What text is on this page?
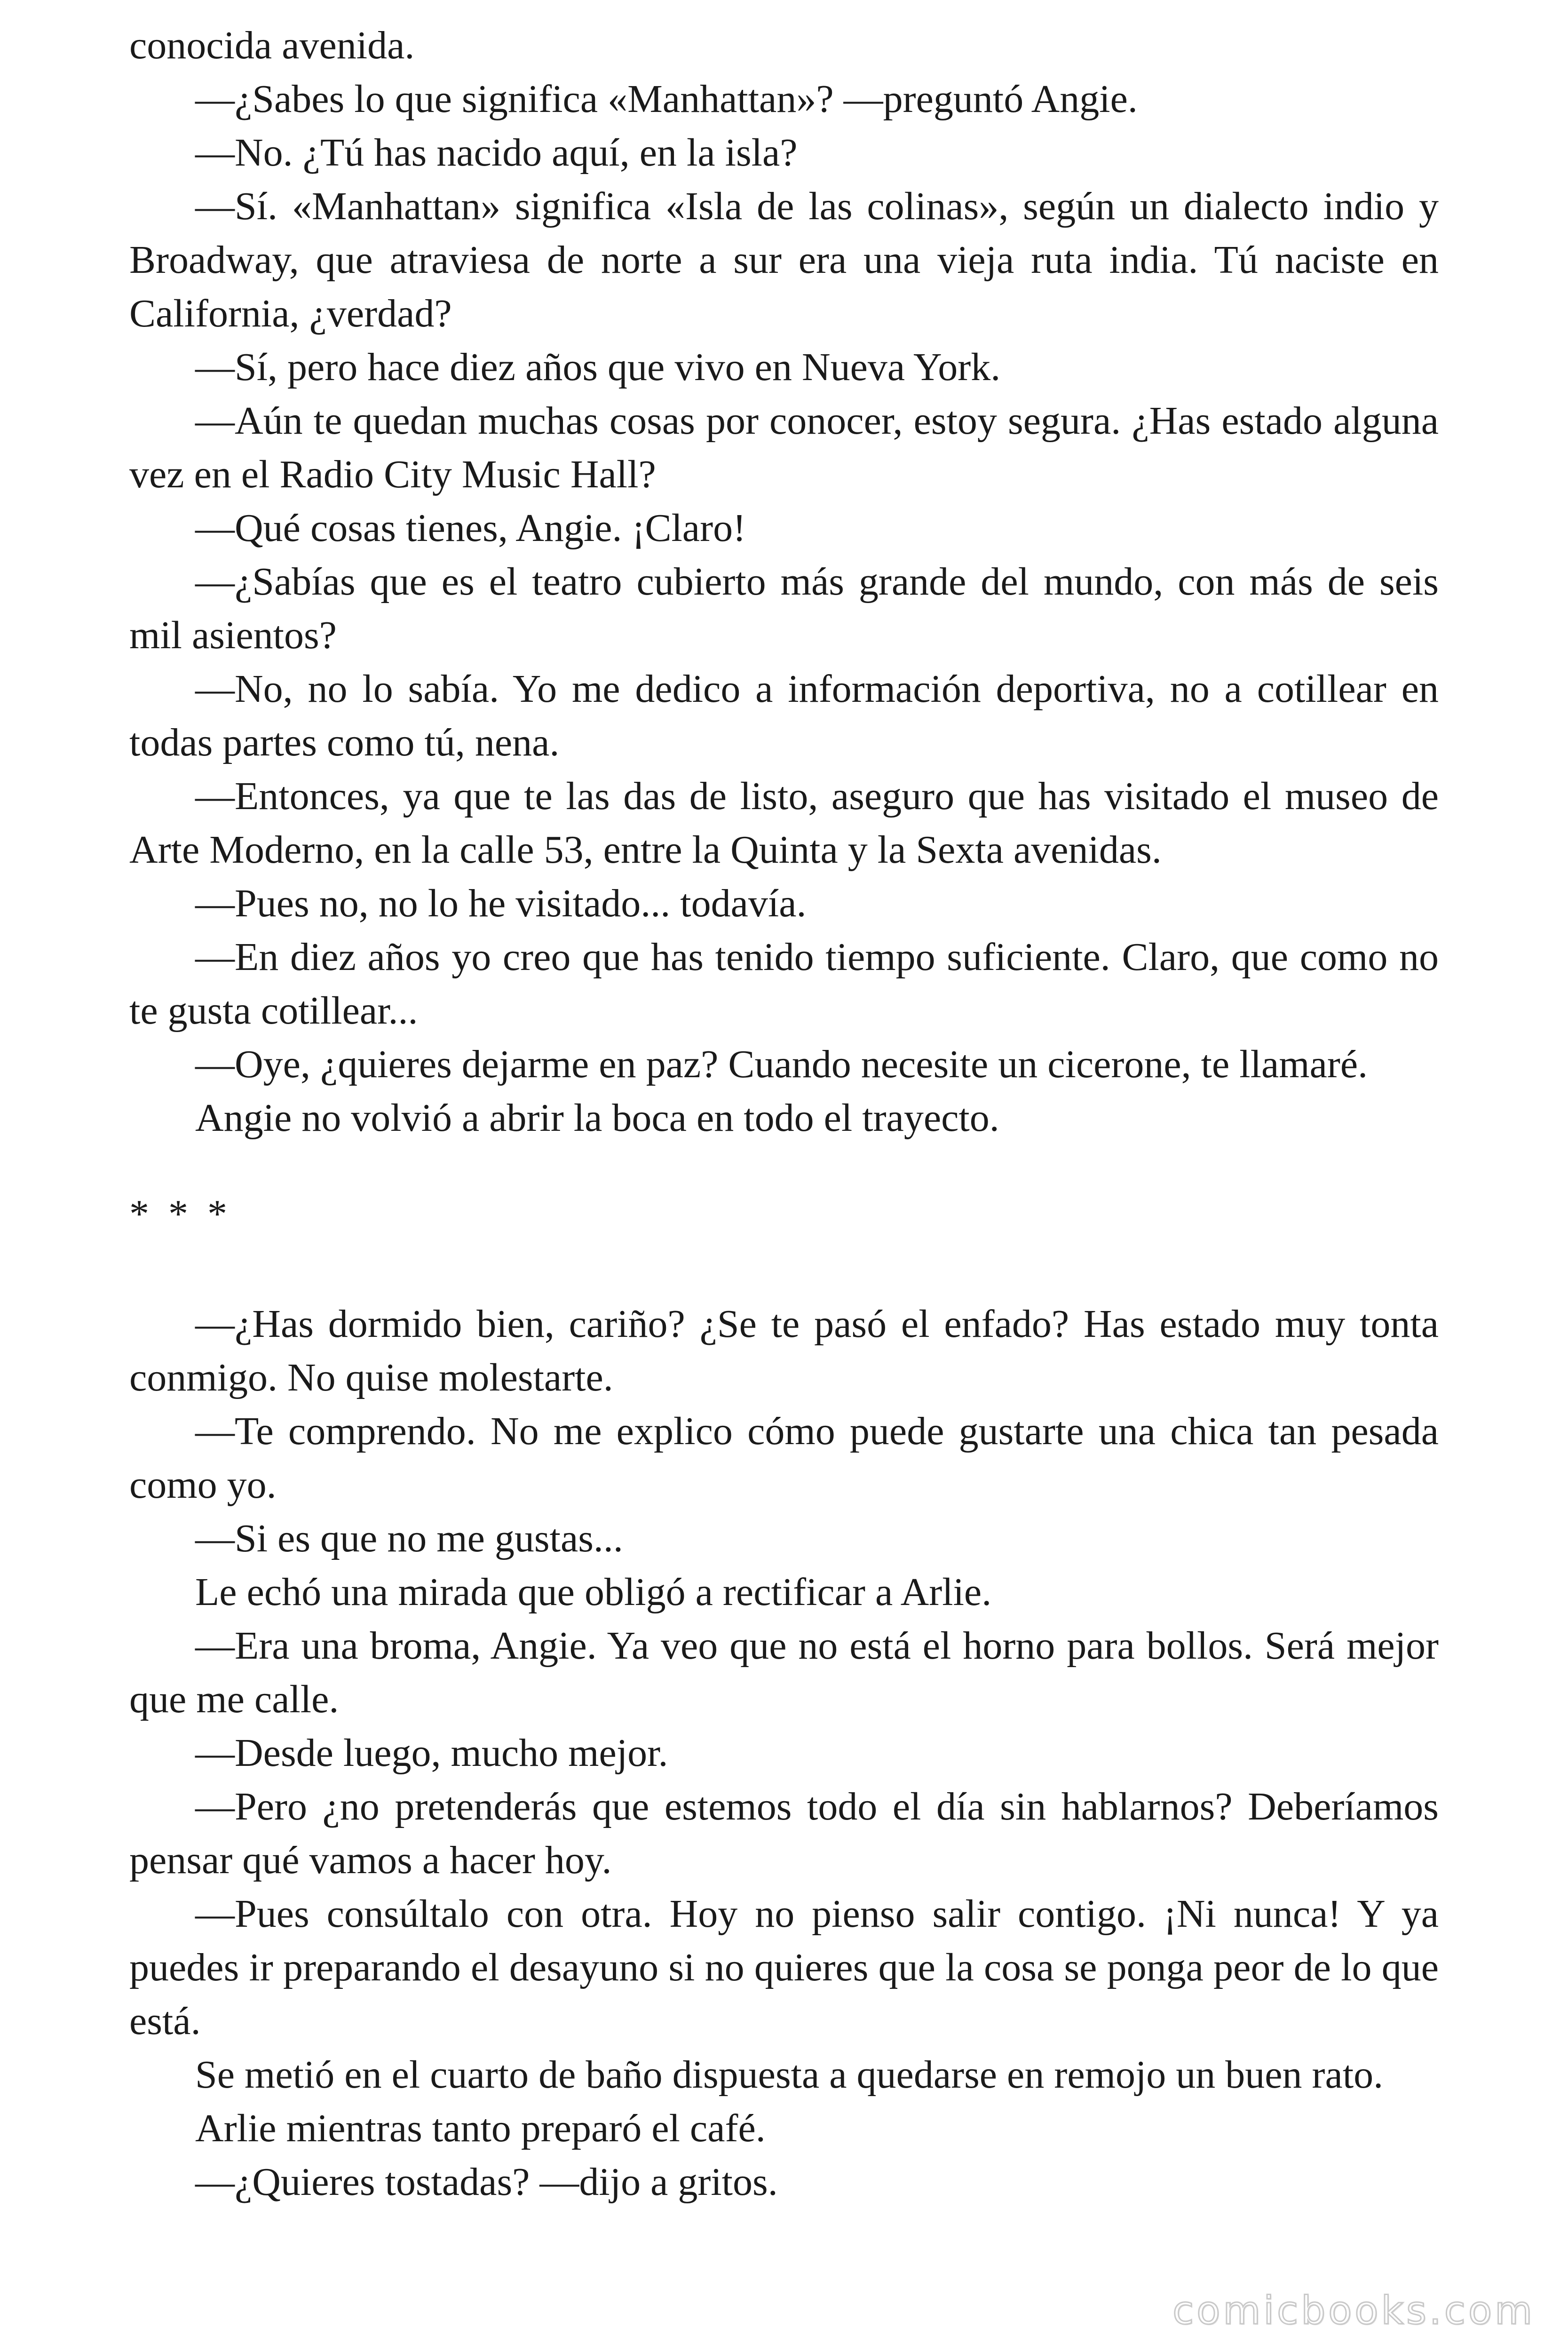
conocida avenida.

—¿Sabes lo que significa «Manhattan»? —preguntó Angie.

—No. ¿Tú has nacido aquí, en la isla?

—Sí. «Manhattan» significa «Isla de las colinas», según un dialecto indio y Broadway, que atraviesa de norte a sur era una vieja ruta india. Tú naciste en California, ¿verdad?

—Sí, pero hace diez años que vivo en Nueva York.

—Aún te quedan muchas cosas por conocer, estoy segura. ¿Has estado alguna vez en el Radio City Music Hall?

—Qué cosas tienes, Angie. ¡Claro!

—¿Sabías que es el teatro cubierto más grande del mundo, con más de seis mil asientos?

—No, no lo sabía. Yo me dedico a información deportiva, no a cotillear en todas partes como tú, nena.

—Entonces, ya que te las das de listo, aseguro que has visitado el museo de Arte Moderno, en la calle 53, entre la Quinta y la Sexta avenidas.

—Pues no, no lo he visitado... todavía.

—En diez años yo creo que has tenido tiempo suficiente. Claro, que como no te gusta cotillear...

—Oye, ¿quieres dejarme en paz? Cuando necesite un cicerone, te llamaré.

Angie no volvió a abrir la boca en todo el trayecto.

* * *

—¿Has dormido bien, cariño? ¿Se te pasó el enfado? Has estado muy tonta conmigo. No quise molestarte.

—Te comprendo. No me explico cómo puede gustarte una chica tan pesada como yo.

—Si es que no me gustas...

Le echó una mirada que obligó a rectificar a Arlie.

—Era una broma, Angie. Ya veo que no está el horno para bollos. Será mejor que me calle.

—Desde luego, mucho mejor.

—Pero ¿no pretenderás que estemos todo el día sin hablarnos? Deberíamos pensar qué vamos a hacer hoy.

—Pues consúltalo con otra. Hoy no pienso salir contigo. ¡Ni nunca! Y ya puedes ir preparando el desayuno si no quieres que la cosa se ponga peor de lo que está.

Se metió en el cuarto de baño dispuesta a quedarse en remojo un buen rato.

Arlie mientras tanto preparó el café.

—¿Quieres tostadas? —dijo a gritos.

comicbooks.com
